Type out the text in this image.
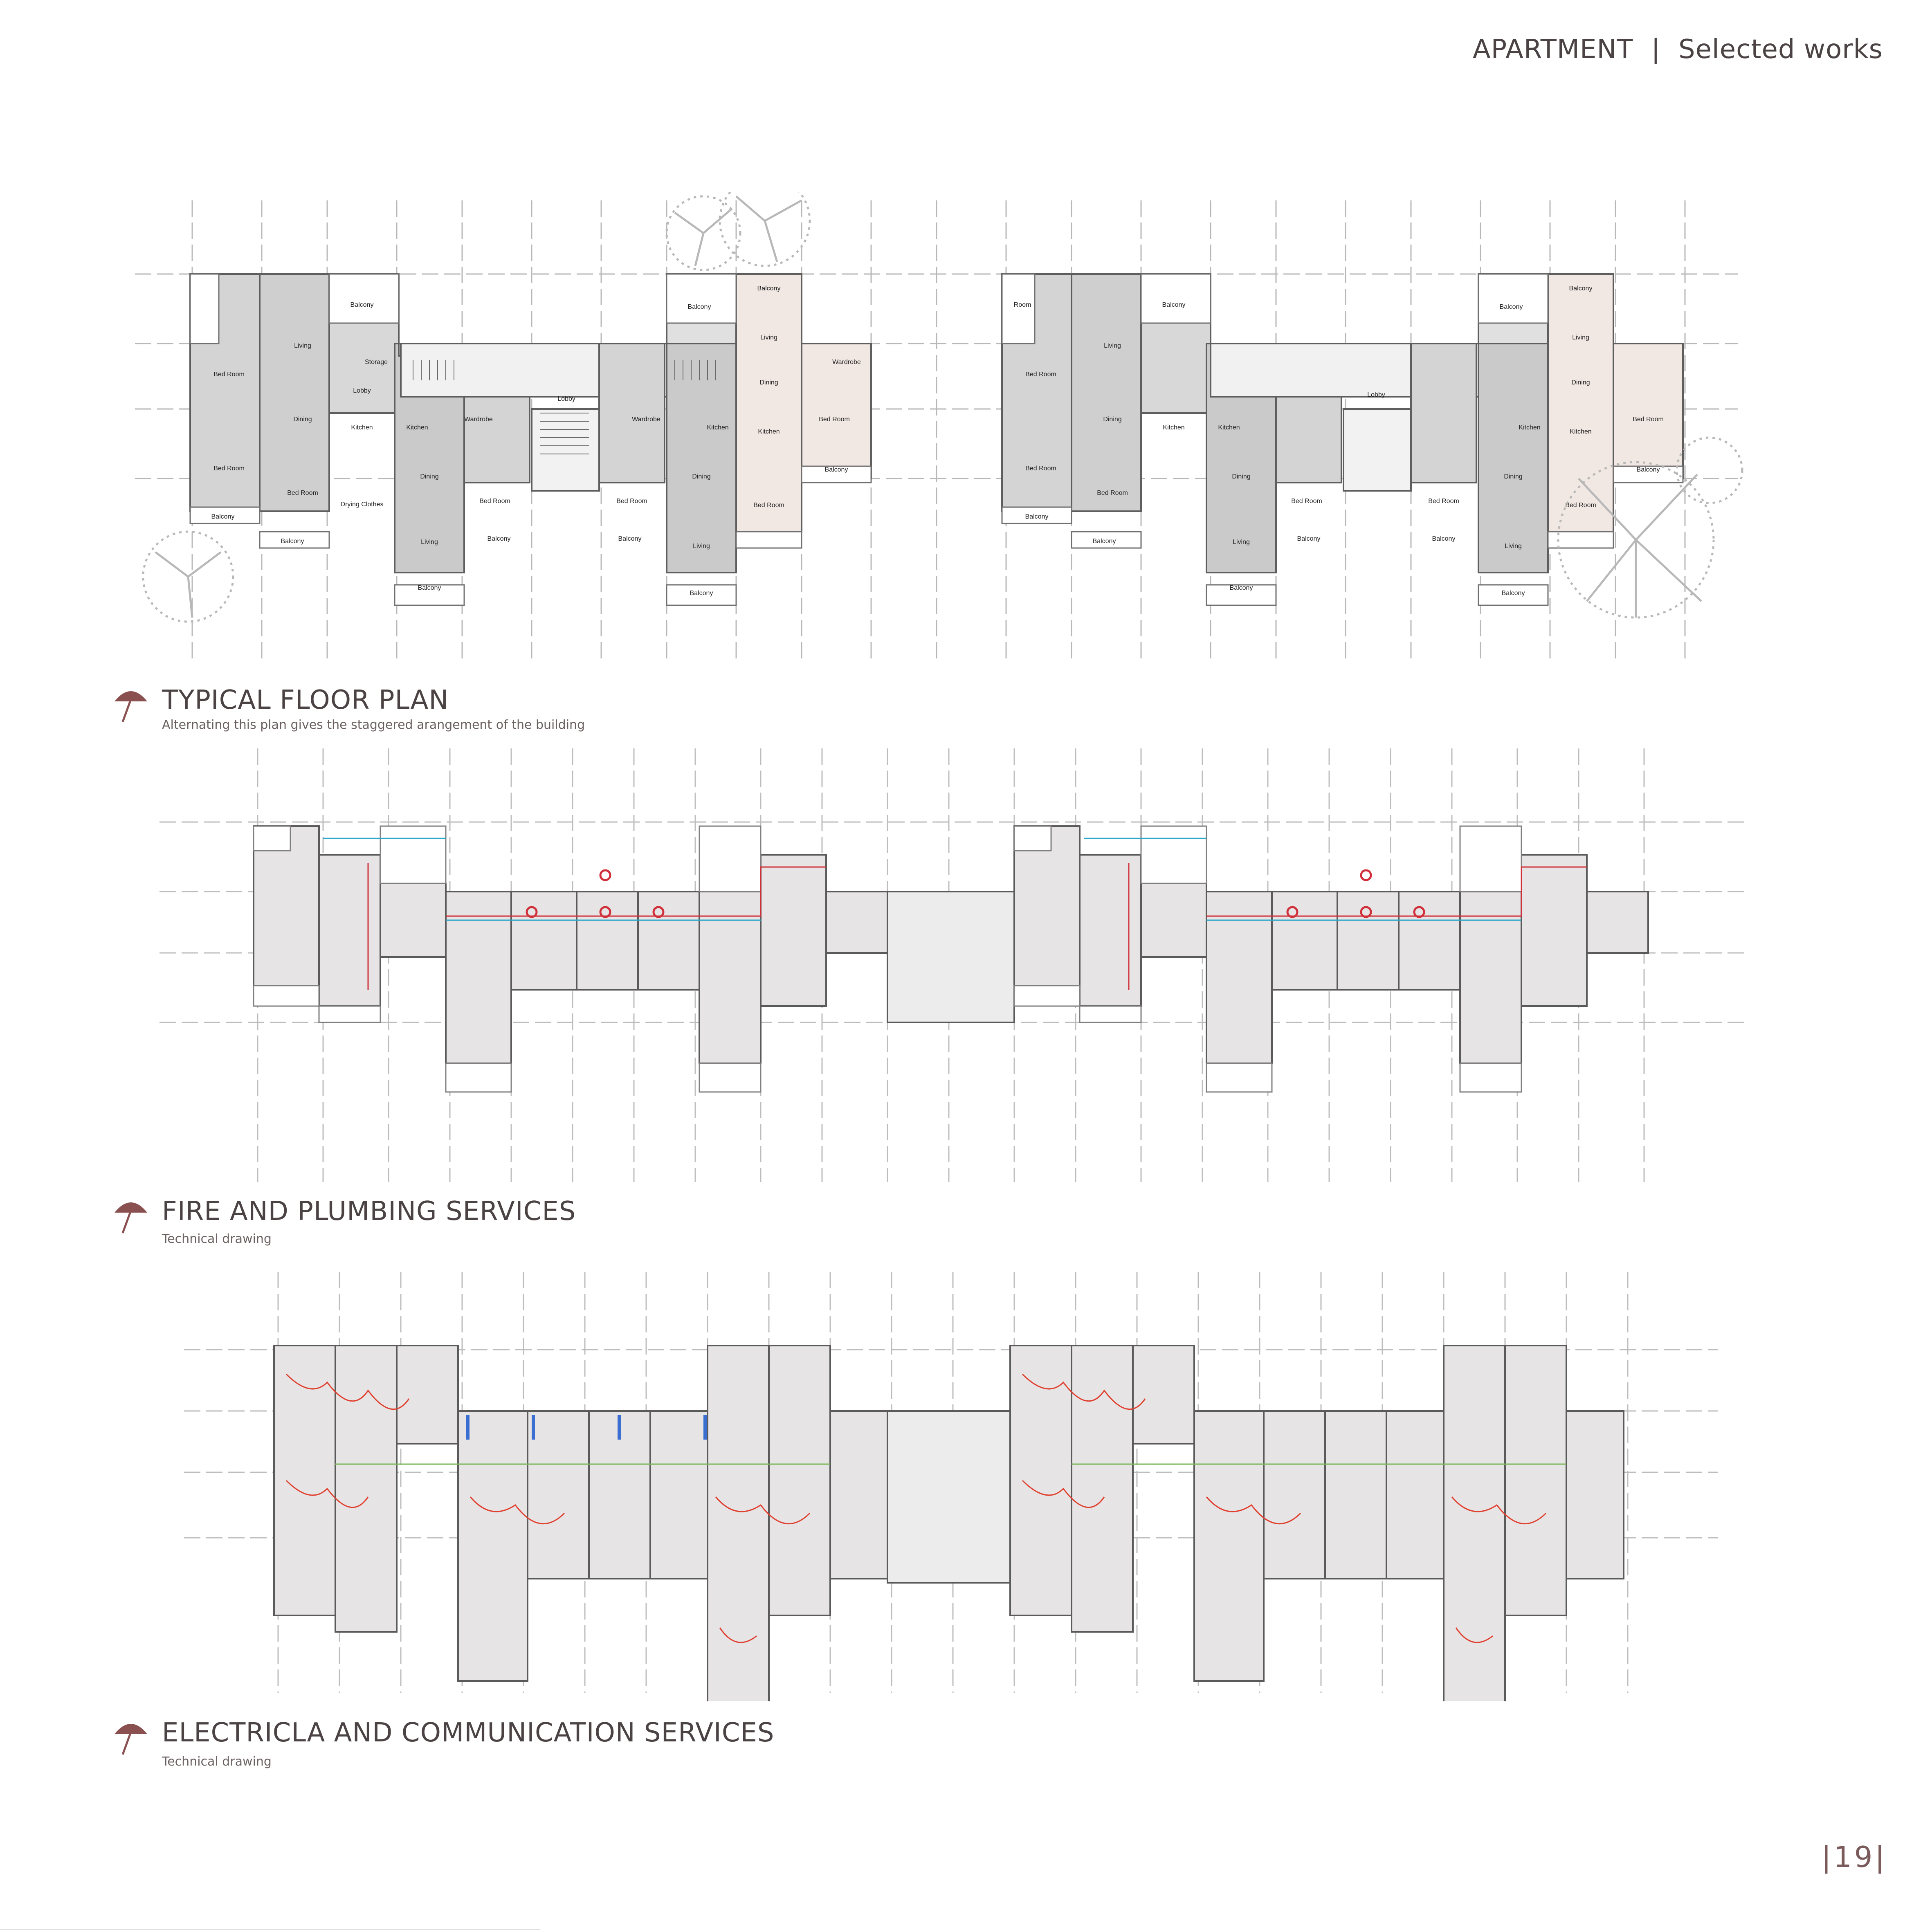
APARTMENT | Selected works
Balcony	Balcony
Balcony
Balcony
Balcony
Balcony
Balcony	Balcony
Balcony
Balcony
Lobby
Lobby
Drying Clothes
Bed Room
Bed Room
Bed Room
Bed Room	Bed Room
Bed Room
Bed Room
Living
Living
Living
Living
Kitchen	Kitchen	Kitchen
Kitchen
Dining
Dining	Dining
Dining
Storage
Wardrobe	Wardrobe
Wardrobe
Room	Balcony	Balcony
Balcony
Balcony
Balcony
Balcony
Balcony	Balcony
Balcony
Balcony
Lobby
Bed Room
Bed Room
Bed Room
Bed Room	Bed Room
Bed Room
Bed Room
Living
Living
Living
Living
Kitchen	Kitchen	Kitchen
Kitchen
Dining
Dining	Dining
Dining
TYPICAL FLOOR PLAN
Alternating this plan gives the staggered arangement of the building
FIRE AND PLUMBING SERVICES
Technical drawing
ELECTRICLA AND COMMUNICATION SERVICES
Technical drawing
|19|
